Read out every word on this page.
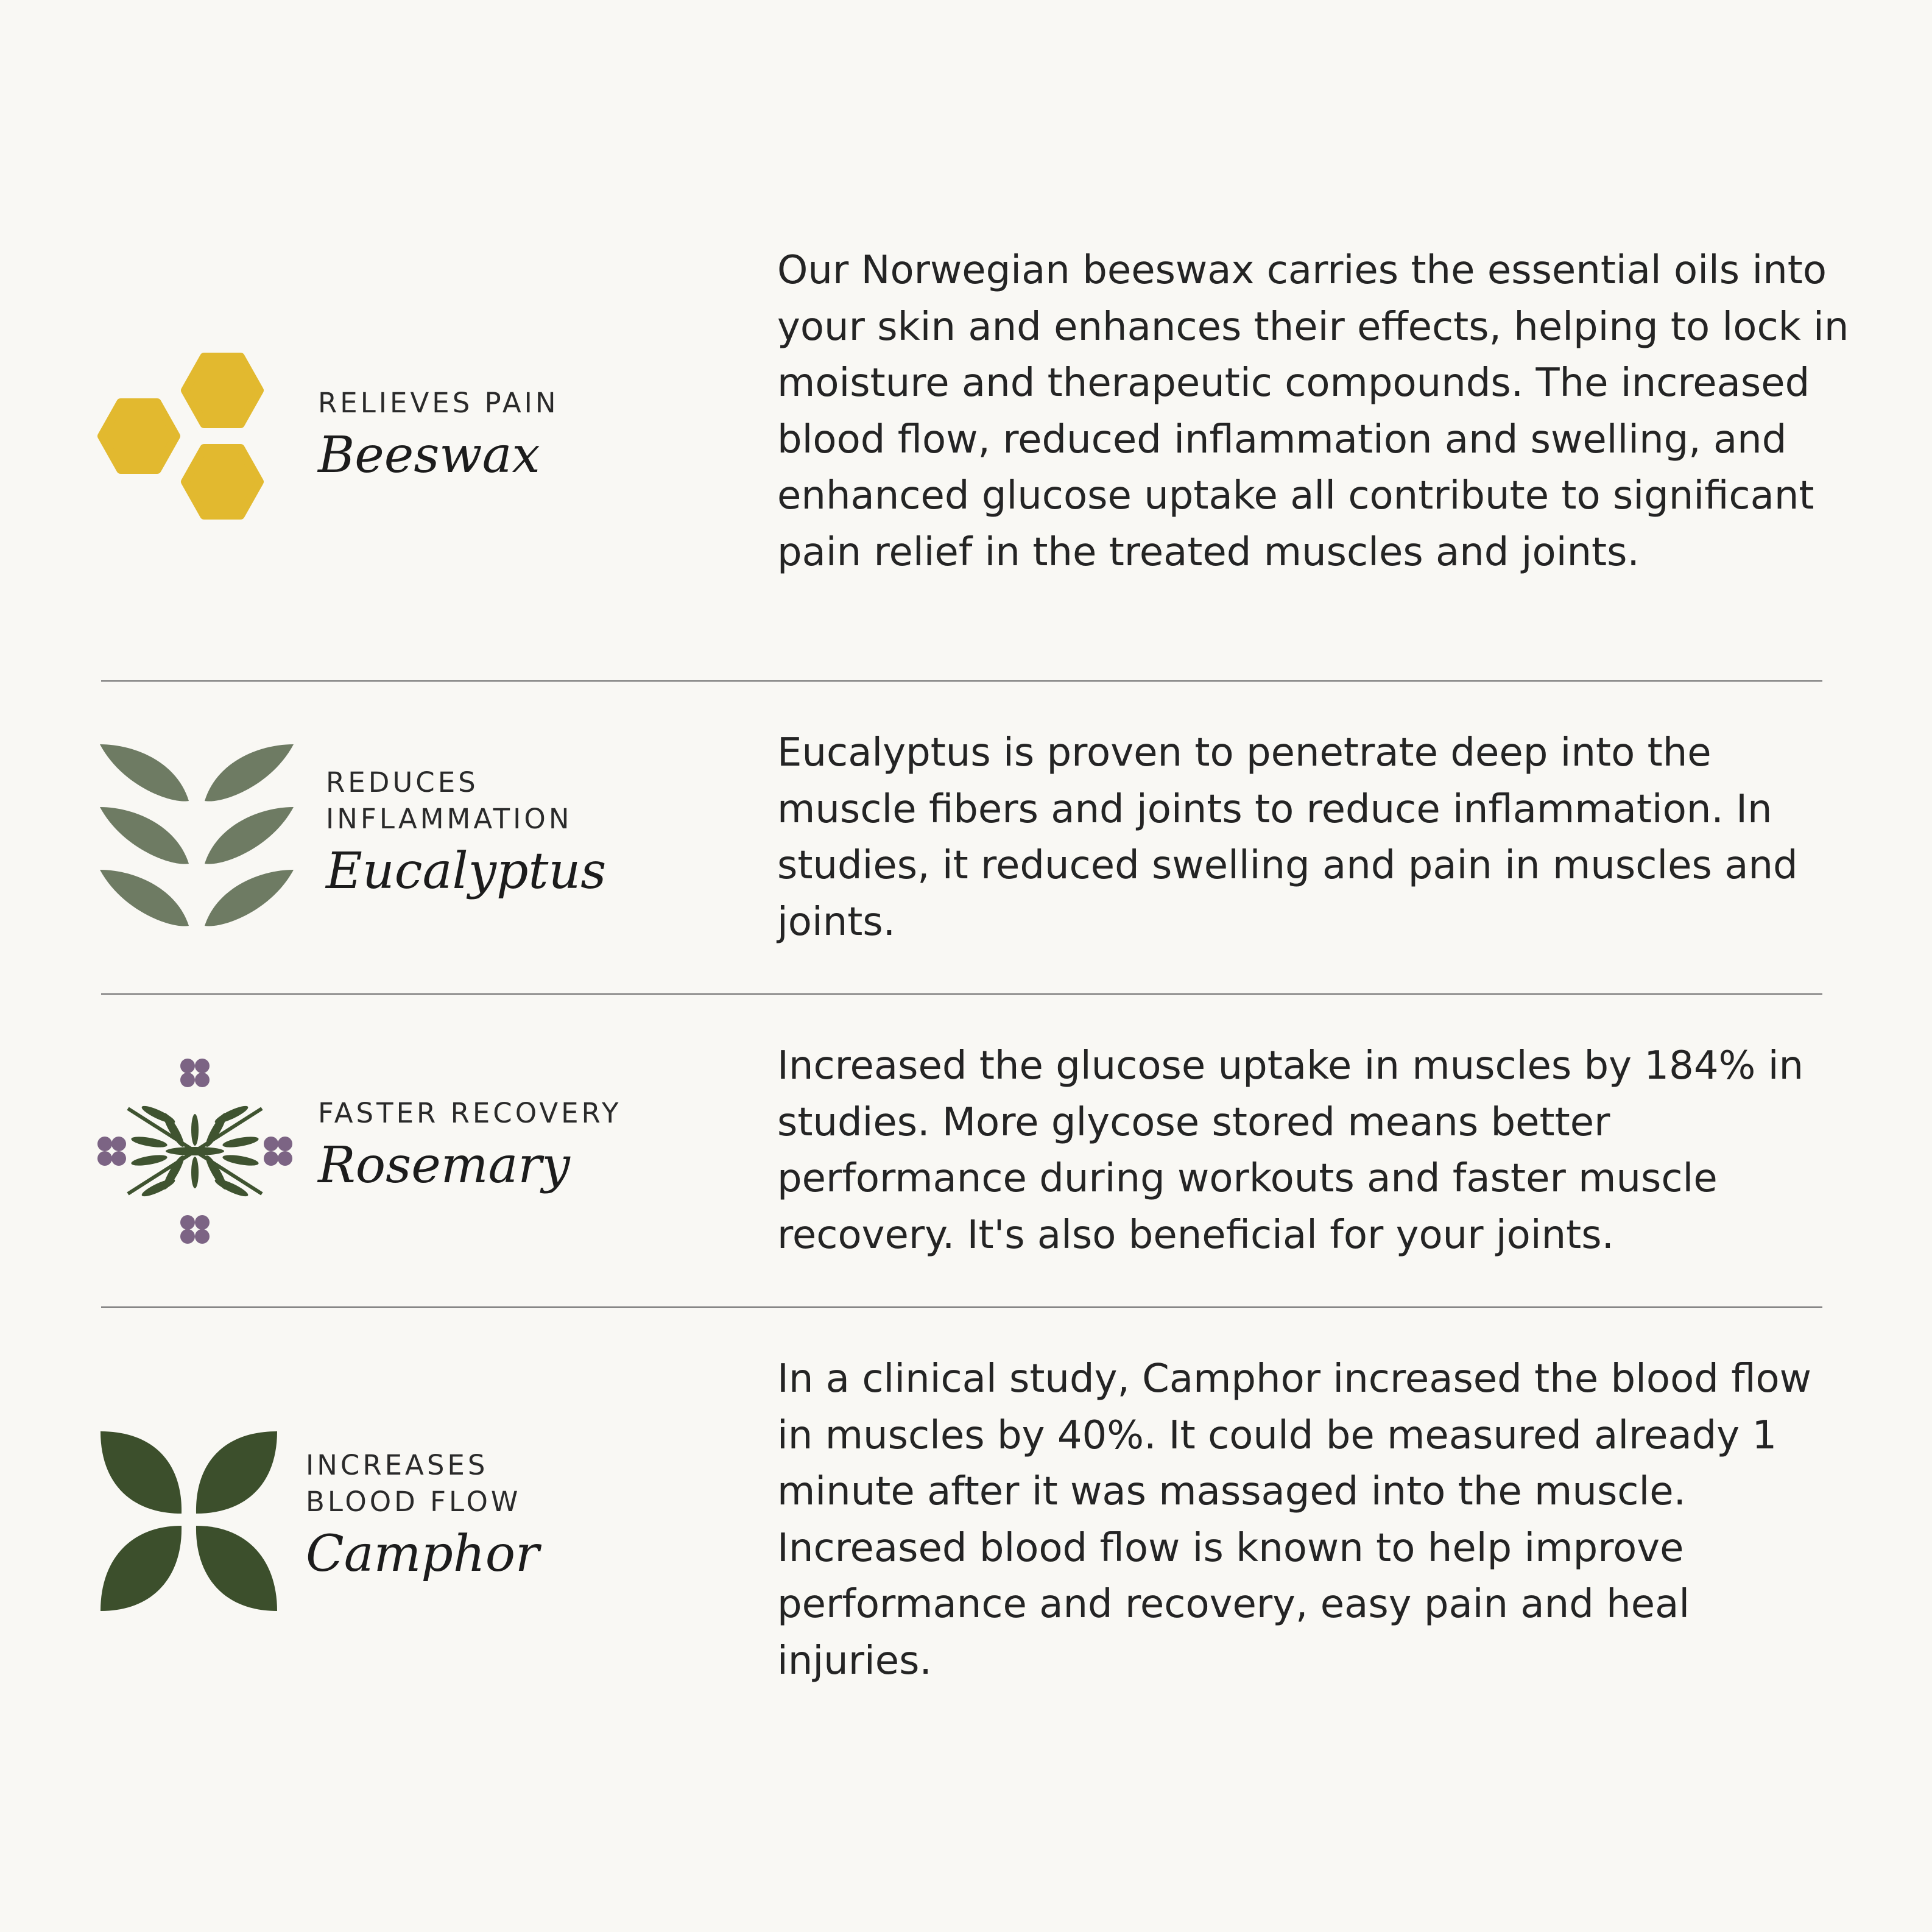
RELIEVES PAIN
Beeswax

Our Norwegian beeswax carries the essential oils into your skin and enhances their effects, helping to lock in moisture and therapeutic compounds. The increased blood flow, reduced inflammation and swelling, and enhanced glucose uptake all contribute to significant pain relief in the treated muscles and joints.

REDUCES
INFLAMMATION
Eucalyptus

Eucalyptus is proven to penetrate deep into the muscle fibers and joints to reduce inflammation. In studies, it reduced swelling and pain in muscles and joints.

FASTER RECOVERY
Rosemary

Increased the glucose uptake in muscles by 184% in studies. More glycose stored means better performance during workouts and faster muscle recovery. It's also beneficial for your joints.

INCREASES
BLOOD FLOW
Camphor

In a clinical study, Camphor increased the blood flow in muscles by 40%. It could be measured already 1 minute after it was massaged into the muscle. Increased blood flow is known to help improve performance and recovery, easy pain and heal injuries.
